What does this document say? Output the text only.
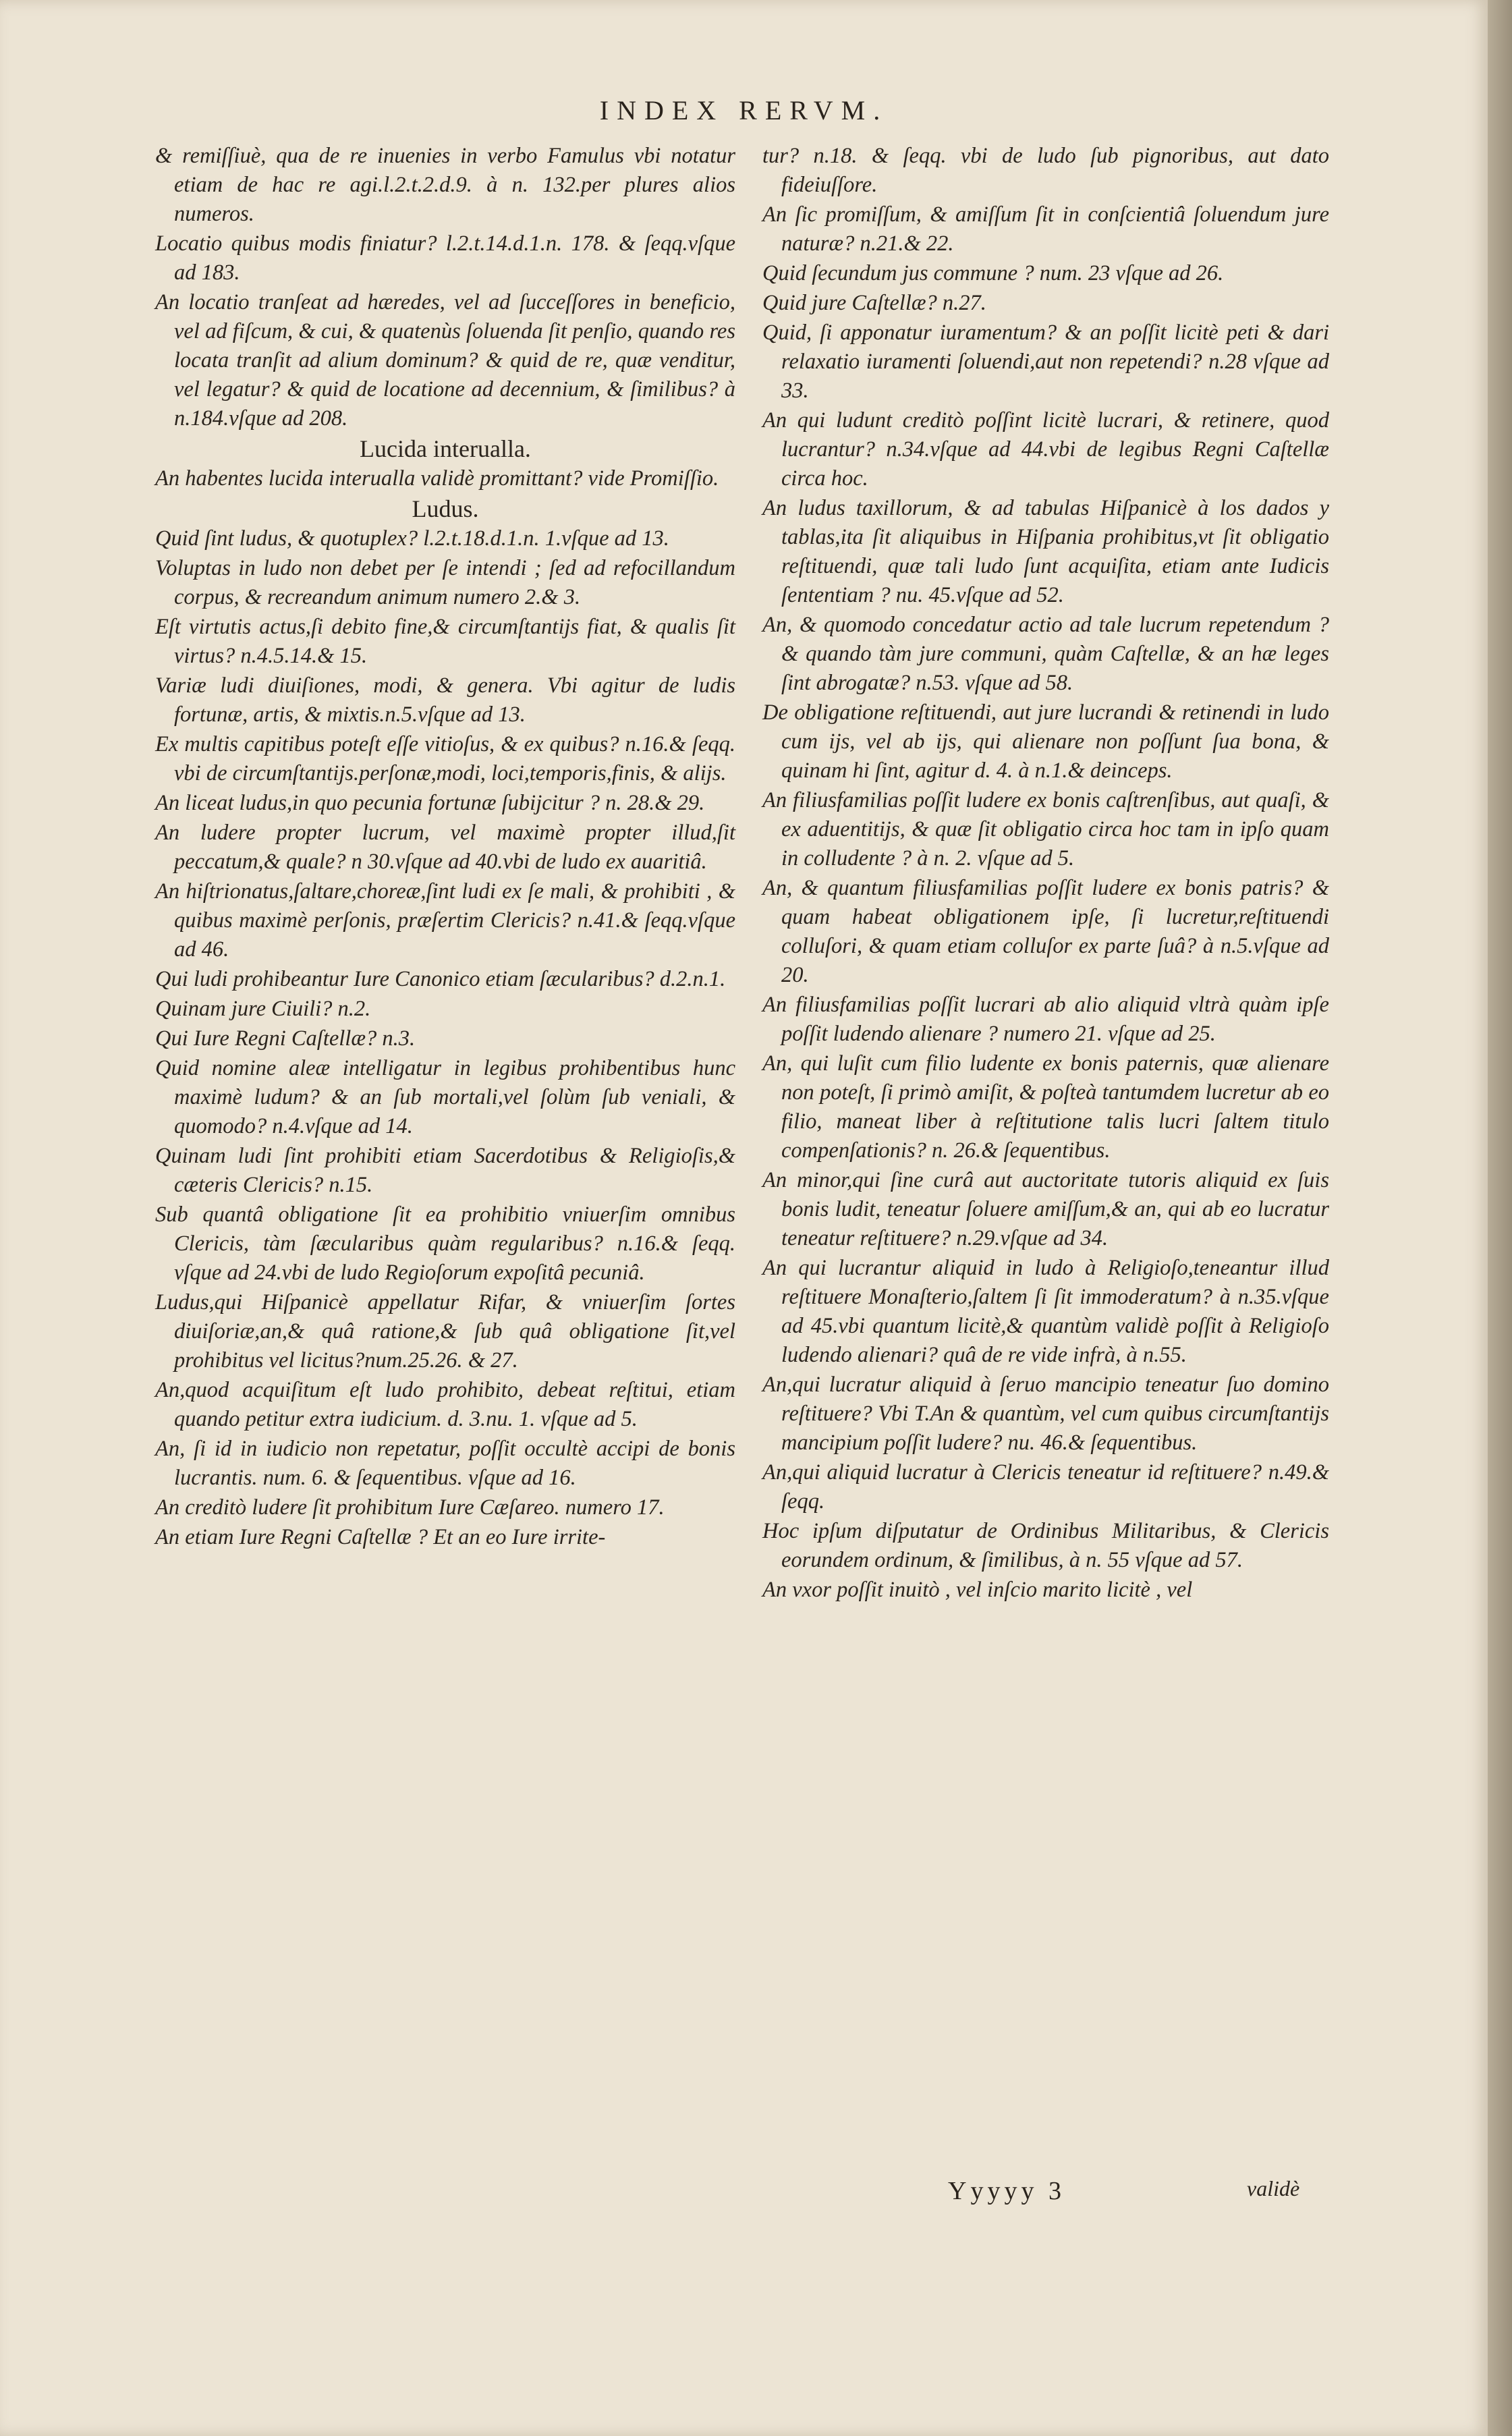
INDEX RERVM.

& remiſſiuè, qua de re inuenies in verbo Famulus vbi notatur etiam de hac re agi.l.2.t.2.d.9. à n. 132.per plures alios numeros.

Locatio quibus modis finiatur? l.2.t.14.d.1.n. 178. & ſeqq.vſque ad 183.

An locatio tranſeat ad hæredes, vel ad ſucceſſores in beneficio, vel ad fiſcum, & cui, & quatenùs ſoluenda ſit penſio, quando res locata tranſit ad alium dominum? & quid de re, quæ venditur, vel legatur? & quid de locatione ad decennium, & ſimilibus? à n.184.vſque ad 208.

Lucida interualla.

An habentes lucida interualla validè promittant? vide Promiſſio.

Ludus.

Quid ſint ludus, & quotuplex? l.2.t.18.d.1.n. 1.vſque ad 13.

Voluptas in ludo non debet per ſe intendi ; ſed ad refocillandum corpus, & recreandum animum numero 2.& 3.

Eſt virtutis actus,ſi debito fine,& circumſtantijs fiat, & qualis ſit virtus? n.4.5.14.& 15.

Variæ ludi diuiſiones, modi, & genera. Vbi agitur de ludis fortunæ, artis, & mixtis.n.5.vſque ad 13.

Ex multis capitibus poteſt eſſe vitioſus, & ex quibus? n.16.& ſeqq. vbi de circumſtantijs.perſonæ,modi, loci,temporis,finis, & alijs.

An liceat ludus,in quo pecunia fortunæ ſubijcitur ? n. 28.& 29.

An ludere propter lucrum, vel maximè propter illud,ſit peccatum,& quale? n 30.vſque ad 40.vbi de ludo ex auaritiâ.

An hiſtrionatus,ſaltare,choreæ,ſint ludi ex ſe mali, & prohibiti , & quibus maximè perſonis, præſertim Clericis? n.41.& ſeqq.vſque ad 46.

Qui ludi prohibeantur Iure Canonico etiam ſæcularibus? d.2.n.1.

Quinam jure Ciuili? n.2.

Qui Iure Regni Caſtellæ? n.3.

Quid nomine aleæ intelligatur in legibus prohibentibus hunc maximè ludum? & an ſub mortali,vel ſolùm ſub veniali, & quomodo? n.4.vſque ad 14.

Quinam ludi ſint prohibiti etiam Sacerdotibus & Religioſis,& cæteris Clericis? n.15.

Sub quantâ obligatione ſit ea prohibitio vniuerſim omnibus Clericis, tàm ſæcularibus quàm regularibus? n.16.& ſeqq. vſque ad 24.vbi de ludo Regioſorum expoſitâ pecuniâ.

Ludus,qui Hiſpanicè appellatur Rifar, & vniuerſim ſortes diuiſoriæ,an,& quâ ratione,& ſub quâ obligatione ſit,vel prohibitus vel licitus?num.25.26. & 27.

An,quod acquiſitum eſt ludo prohibito, debeat reſtitui, etiam quando petitur extra iudicium. d. 3.nu. 1. vſque ad 5.

An, ſi id in iudicio non repetatur, poſſit occultè accipi de bonis lucrantis. num. 6. & ſequentibus. vſque ad 16.

An creditò ludere ſit prohibitum Iure Cæſareo. numero 17.

An etiam Iure Regni Caſtellæ ? Et an eo Iure irrite-

tur? n.18. & ſeqq. vbi de ludo ſub pignoribus, aut dato fideiuſſore.

An ſic promiſſum, & amiſſum ſit in conſcientiâ ſoluendum jure naturæ? n.21.& 22.

Quid ſecundum jus commune ? num. 23 vſque ad 26.

Quid jure Caſtellæ? n.27.

Quid, ſi apponatur iuramentum? & an poſſit licitè peti & dari relaxatio iuramenti ſoluendi,aut non repetendi? n.28 vſque ad 33.

An qui ludunt creditò poſſint licitè lucrari, & retinere, quod lucrantur? n.34.vſque ad 44.vbi de legibus Regni Caſtellæ circa hoc.

An ludus taxillorum, & ad tabulas Hiſpanicè à los dados y tablas,ita ſit aliquibus in Hiſpania prohibitus,vt ſit obligatio reſtituendi, quæ tali ludo ſunt acquiſita, etiam ante Iudicis ſententiam ? nu. 45.vſque ad 52.

An, & quomodo concedatur actio ad tale lucrum repetendum ? & quando tàm jure communi, quàm Caſtellæ, & an hæ leges ſint abrogatæ? n.53. vſque ad 58.

De obligatione reſtituendi, aut jure lucrandi & retinendi in ludo cum ijs, vel ab ijs, qui alienare non poſſunt ſua bona, & quinam hi ſint, agitur d. 4. à n.1.& deinceps.

An filiusfamilias poſſit ludere ex bonis caſtrenſibus, aut quaſi, & ex aduentitijs, & quæ ſit obligatio circa hoc tam in ipſo quam in colludente ? à n. 2. vſque ad 5.

An, & quantum filiusfamilias poſſit ludere ex bonis patris? & quam habeat obligationem ipſe, ſi lucretur,reſtituendi colluſori, & quam etiam colluſor ex parte ſuâ? à n.5.vſque ad 20.

An filiusfamilias poſſit lucrari ab alio aliquid vltrà quàm ipſe poſſit ludendo alienare ? numero 21. vſque ad 25.

An, qui luſit cum filio ludente ex bonis paternis, quæ alienare non poteſt, ſi primò amiſit, & poſteà tantumdem lucretur ab eo filio, maneat liber à reſtitutione talis lucri ſaltem titulo compenſationis? n. 26.& ſequentibus.

An minor,qui ſine curâ aut auctoritate tutoris aliquid ex ſuis bonis ludit, teneatur ſoluere amiſſum,& an, qui ab eo lucratur teneatur reſtituere? n.29.vſque ad 34.

An qui lucrantur aliquid in ludo à Religioſo,teneantur illud reſtituere Monaſterio,ſaltem ſi ſit immoderatum? à n.35.vſque ad 45.vbi quantum licitè,& quantùm validè poſſit à Religioſo ludendo alienari? quâ de re vide infrà, à n.55.

An,qui lucratur aliquid à ſeruo mancipio teneatur ſuo domino reſtituere? Vbi T.An & quantùm, vel cum quibus circumſtantijs mancipium poſſit ludere? nu. 46.& ſequentibus.

An,qui aliquid lucratur à Clericis teneatur id reſtituere? n.49.& ſeqq.

Hoc ipſum diſputatur de Ordinibus Militaribus, & Clericis eorundem ordinum, & ſimilibus, à n. 55 vſque ad 57.

An vxor poſſit inuitò , vel inſcio marito licitè , vel

Yyyyy 3	validè
